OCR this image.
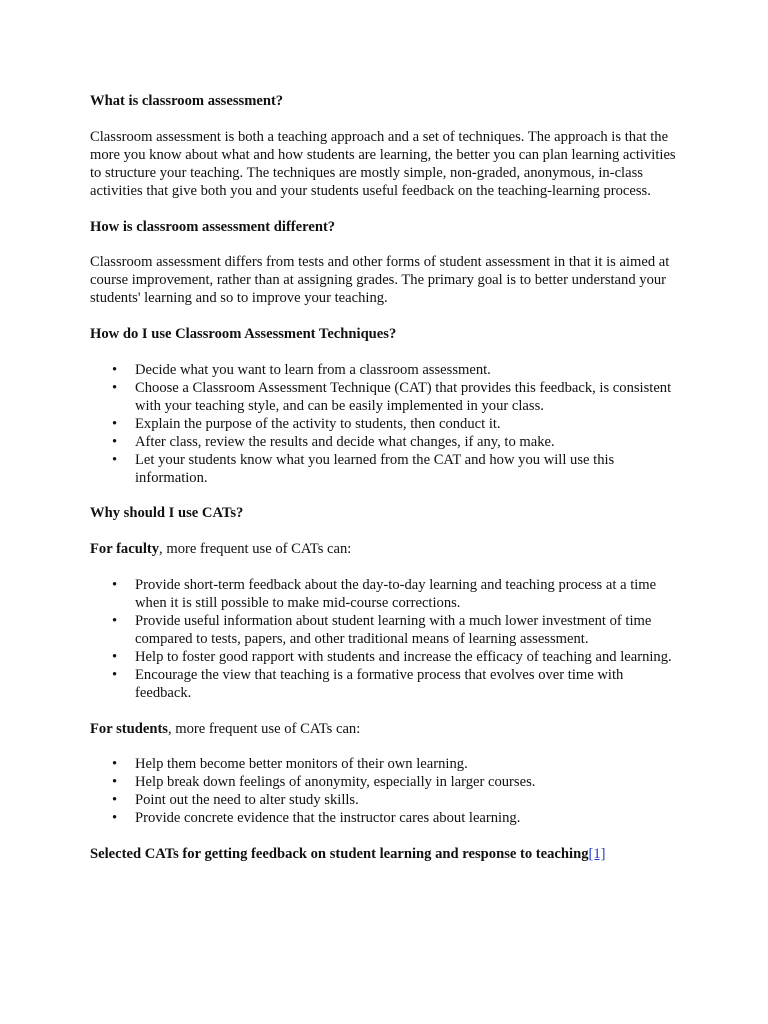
What is classroom assessment?

Classroom assessment is both a teaching approach and a set of techniques. The approach is that the more you know about what and how students are learning, the better you can plan learning activities to structure your teaching. The techniques are mostly simple, non-graded, anonymous, in-class activities that give both you and your students useful feedback on the teaching-learning process.

How is classroom assessment different?

Classroom assessment differs from tests and other forms of student assessment in that it is aimed at course improvement, rather than at assigning grades. The primary goal is to better understand your students' learning and so to improve your teaching.

How do I use Classroom Assessment Techniques?
• Decide what you want to learn from a classroom assessment.
• Choose a Classroom Assessment Technique (CAT) that provides this feedback, is consistent with your teaching style, and can be easily implemented in your class.
• Explain the purpose of the activity to students, then conduct it.
• After class, review the results and decide what changes, if any, to make.
• Let your students know what you learned from the CAT and how you will use this information.
Why should I use CATs?

For faculty, more frequent use of CATs can:

• Provide short-term feedback about the day-to-day learning and teaching process at a time when it is still possible to make mid-course corrections.
• Provide useful information about student learning with a much lower investment of time compared to tests, papers, and other traditional means of learning assessment.
• Help to foster good rapport with students and increase the efficacy of teaching and learning.
• Encourage the view that teaching is a formative process that evolves over time with feedback.

For students, more frequent use of CATs can:

• Help them become better monitors of their own learning.
• Help break down feelings of anonymity, especially in larger courses.
• Point out the need to alter study skills.
• Provide concrete evidence that the instructor cares about learning.
Selected CATs for getting feedback on student learning and response to teaching[1]
